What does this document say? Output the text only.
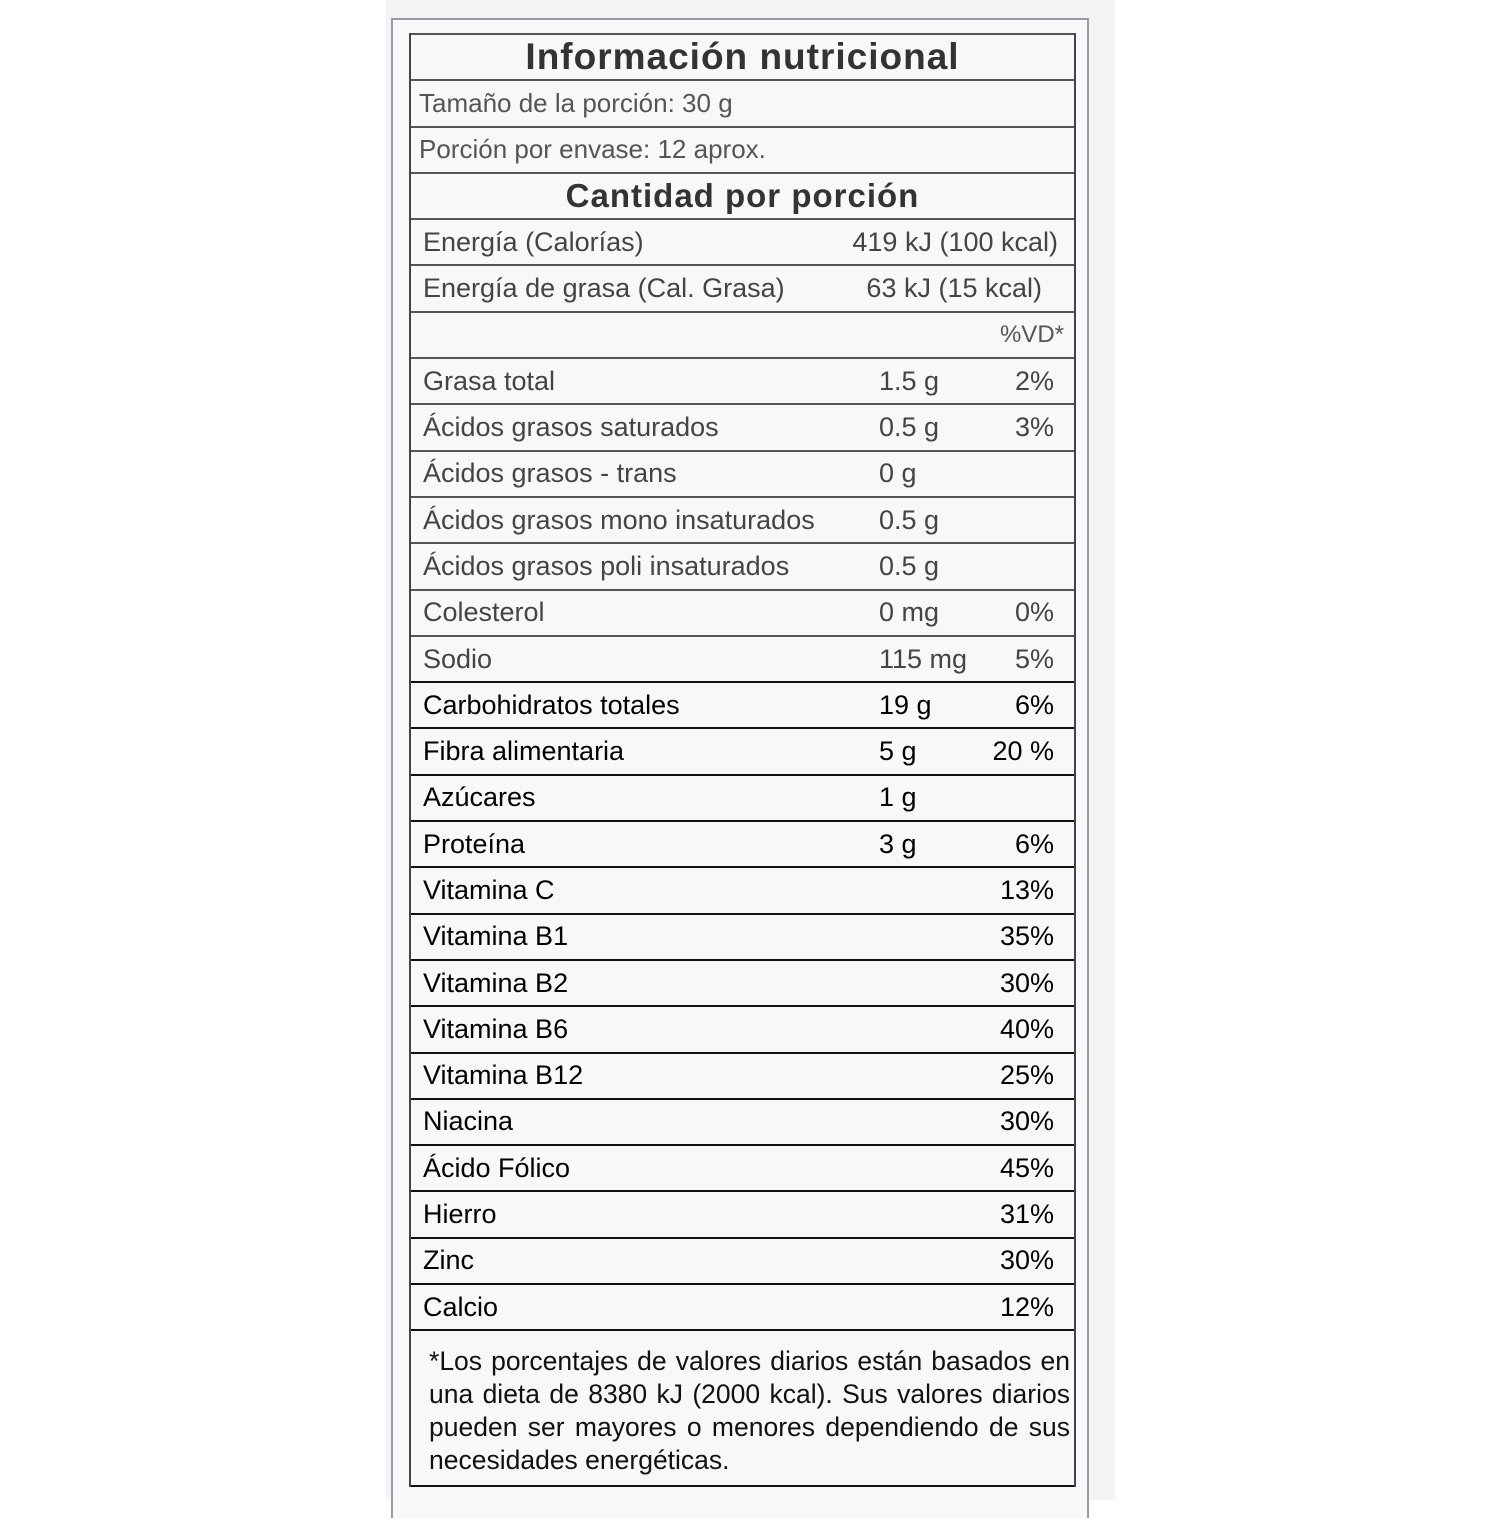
Información nutricional
Tamaño de la porción: 30 g
Porción por envase: 12 aprox.
Cantidad por porción
Energía (Calorías)	419 kJ (100 kcal)
Energía de grasa (Cal. Grasa)	63 kJ (15 kcal)
%VD*
Grasa total	1.5 g	2%
Ácidos grasos saturados	0.5 g	3%
Ácidos grasos - trans	0 g
Ácidos grasos mono insaturados 0.5 g
Ácidos grasos poli insaturados	0.5 g
Colesterol	0 mg	0%
Sodio	115 mg 5%
Carbohidratos totales	19 g	6%
Fibra alimentaria	5 g	20 %
Azúcares	1 g
Proteína	3 g	6%
Vitamina C	13%
Vitamina B1	35%
Vitamina B2	30%
Vitamina B6	40%
Vitamina B12	25%
Niacina	30%
Ácido Fólico	45%
Hierro	31%
Zinc	30%
Calcio	12%
*Los porcentajes de valores diarios están basados en una dieta de 8380 kJ (2000 kcal). Sus valores diarios pueden ser mayores o menores dependiendo de sus necesidades energéticas.
